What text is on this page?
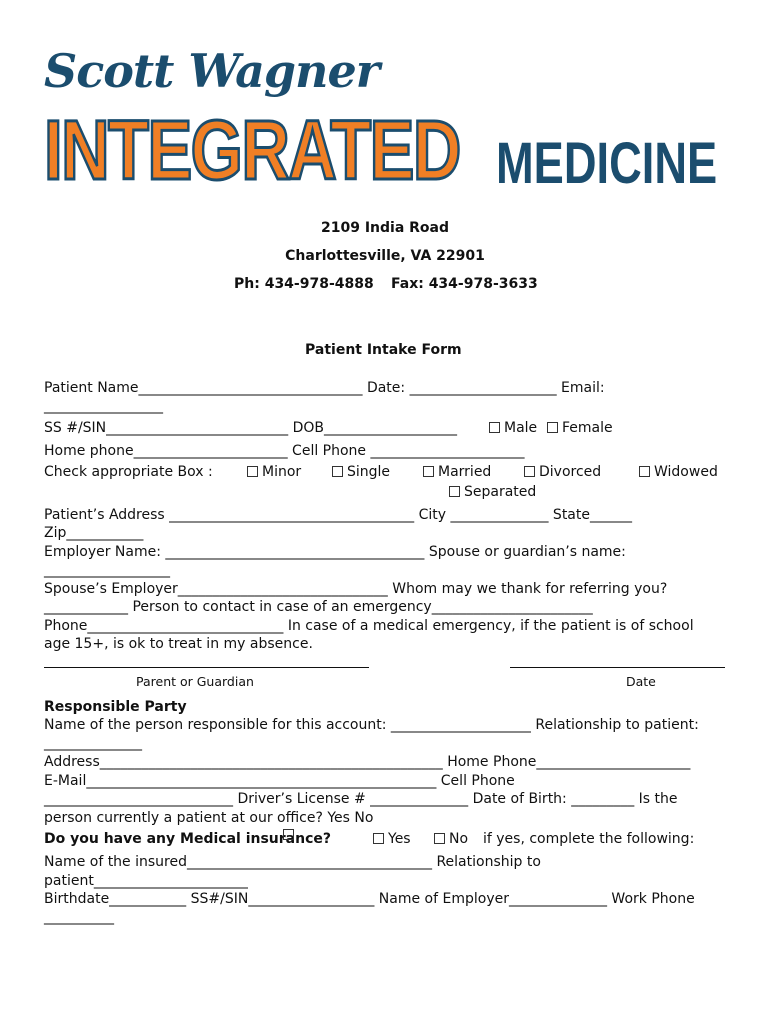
Scott Wagner
INTEGRATED MEDICINE
2109 India Road
Charlottesville, VA 22901
Ph: 434-978-4888 Fax: 434-978-3633
Patient Intake Form
Patient Name________________________________ Date: _____________________ Email:
_________________
SS #/SIN__________________________ DOB___________________	Male	Female
Home phone______________________ Cell Phone ______________________
Check appropriate Box :	Minor	Single	Married	Divorced	Widowed
Separated
Patient’s Address ___________________________________ City ______________ State______
Zip___________
Employer Name: _____________________________________ Spouse or guardian’s name:
__________________
Spouse’s Employer______________________________ Whom may we thank for referring you?
____________ Person to contact in case of an emergency_______________________
Phone____________________________ In case of a medical emergency, if the patient is of school
age 15+, is ok to treat in my absence.
Parent or Guardian	Date
Responsible Party
Name of the person responsible for this account: ____________________ Relationship to patient:
______________
Address_________________________________________________ Home Phone______________________
E-Mail__________________________________________________ Cell Phone
___________________________ Driver’s License # ______________ Date of Birth: _________ Is the
person currently a patient at our office? Yes No
Do you have any Medical insurance?	Yes	No if yes, complete the following:
Name of the insured___________________________________ Relationship to
patient______________________
Birthdate___________ SS#/SIN__________________ Name of Employer______________ Work Phone
__________
